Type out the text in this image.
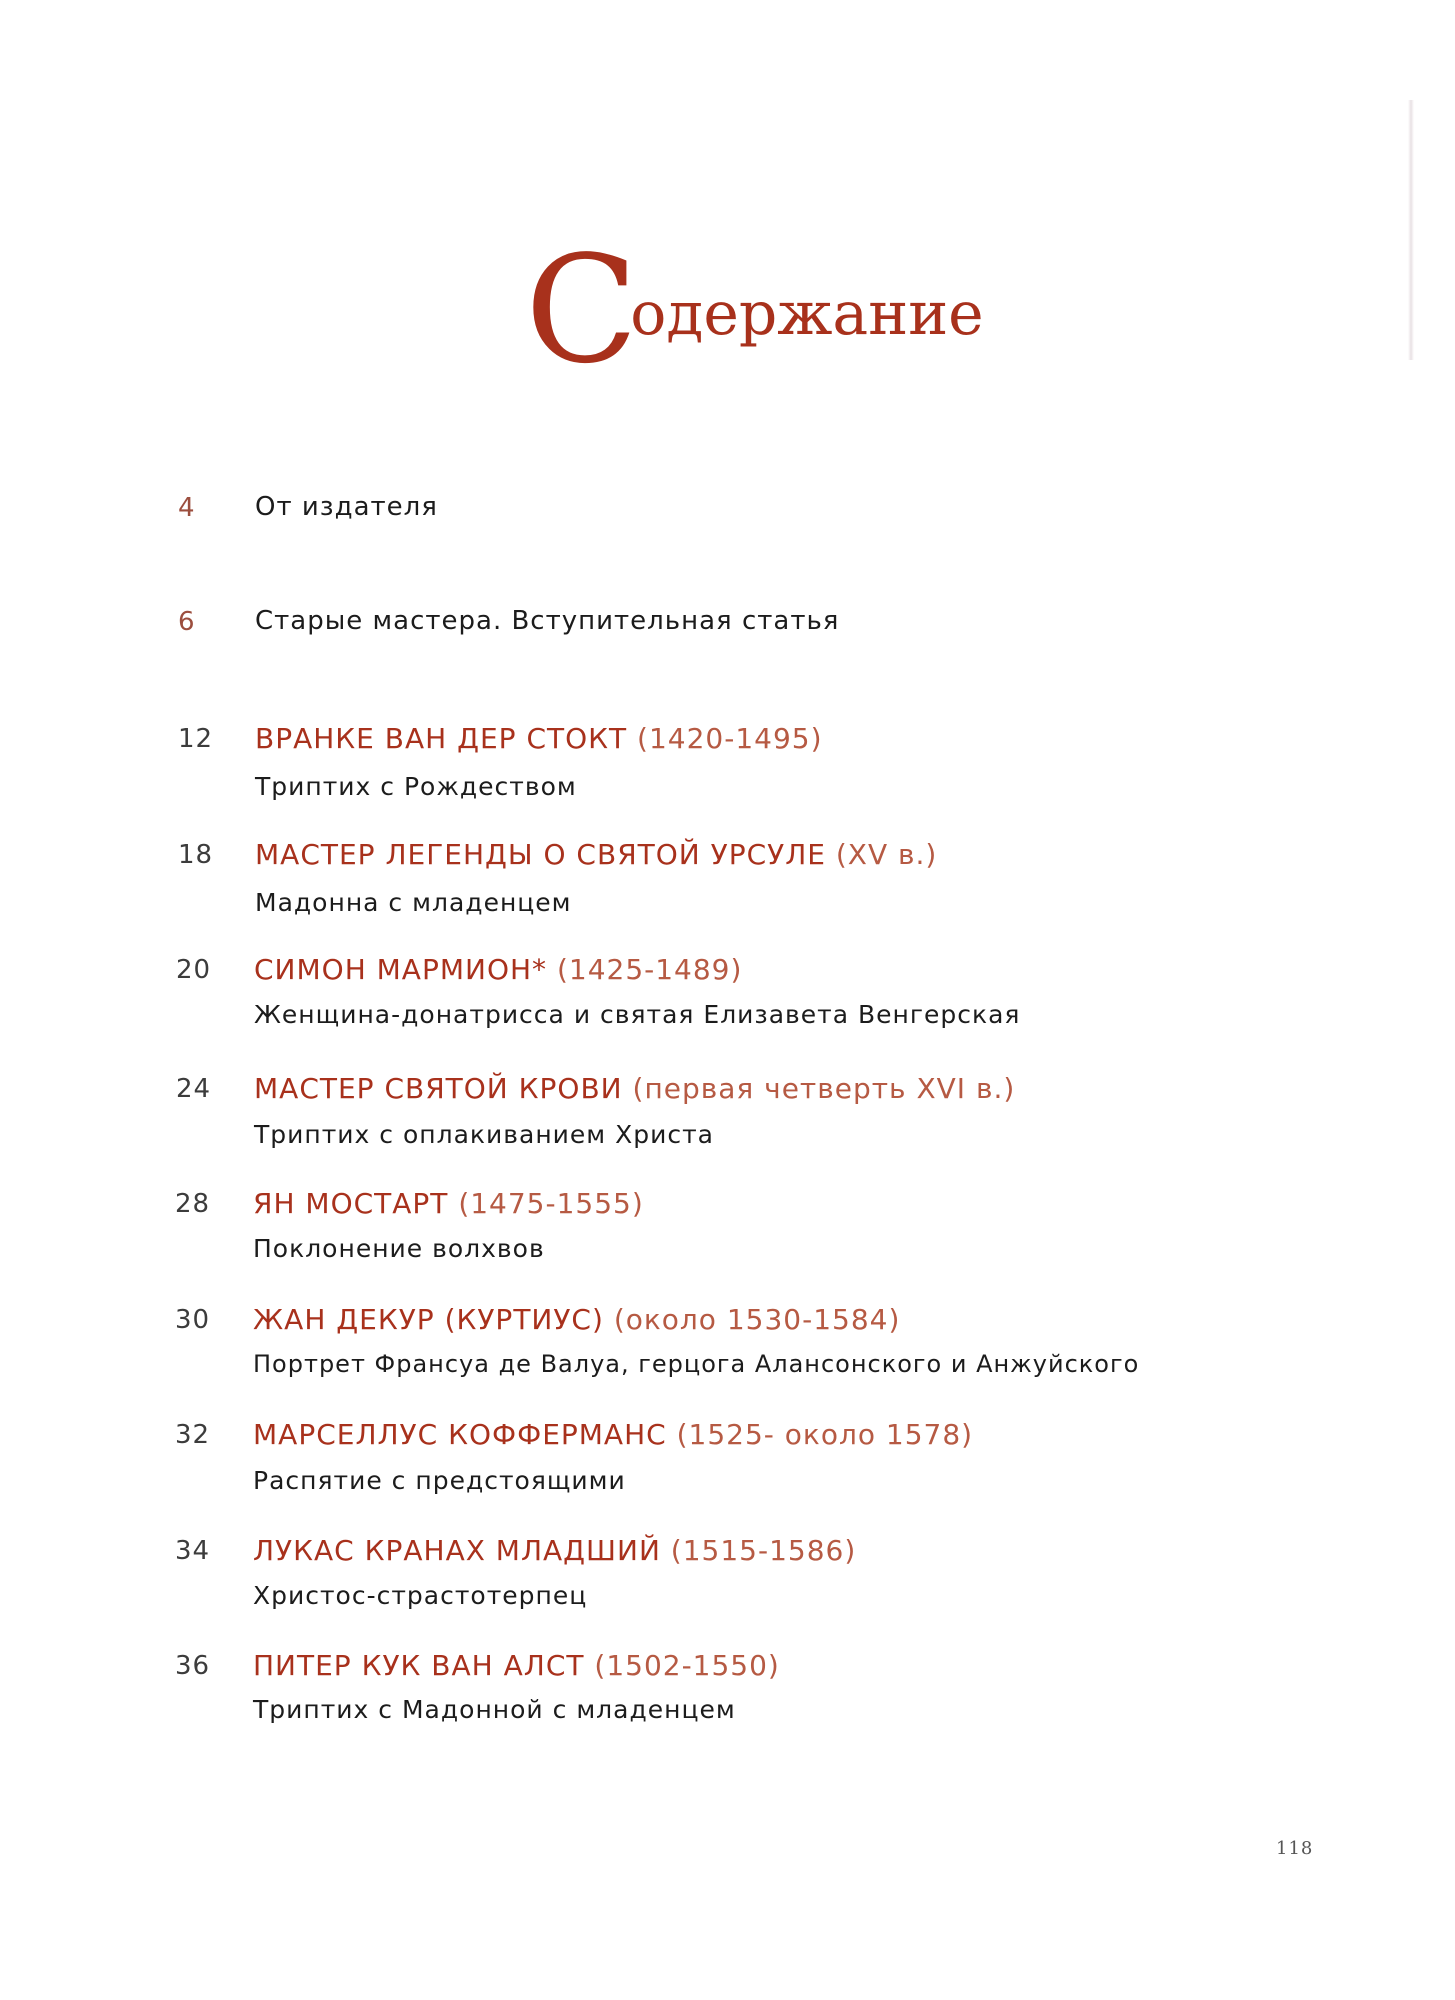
Содержание
4	От издателя
6	Старые мастера. Вступительная статья
12	ВРАНКЕ ВАН ДЕР СТОКТ (1420-1495)
Триптих с Рождеством
18	МАСТЕР ЛЕГЕНДЫ О СВЯТОЙ УРСУЛЕ (XV в.)
Мадонна с младенцем
20	СИМОН МАРМИОН* (1425-1489)
Женщина-донатрисса и святая Елизавета Венгерская
24	МАСТЕР СВЯТОЙ КРОВИ (первая четверть XVI в.)
Триптих с оплакиванием Христа
28	ЯН МОСТАРТ (1475-1555)
Поклонение волхвов
30	ЖАН ДЕКУР (КУРТИУС) (около 1530-1584)
Портрет Франсуа де Валуа, герцога Алансонского и Анжуйского
32	МАРСЕЛЛУС КОФФЕРМАНС (1525- около 1578)
Распятие с предстоящими
34	ЛУКАС КРАНАХ МЛАДШИЙ (1515-1586)
Христос-страстотерпец
36	ПИТЕР КУК ВАН АЛСТ (1502-1550)
Триптих с Мадонной с младенцем
118
